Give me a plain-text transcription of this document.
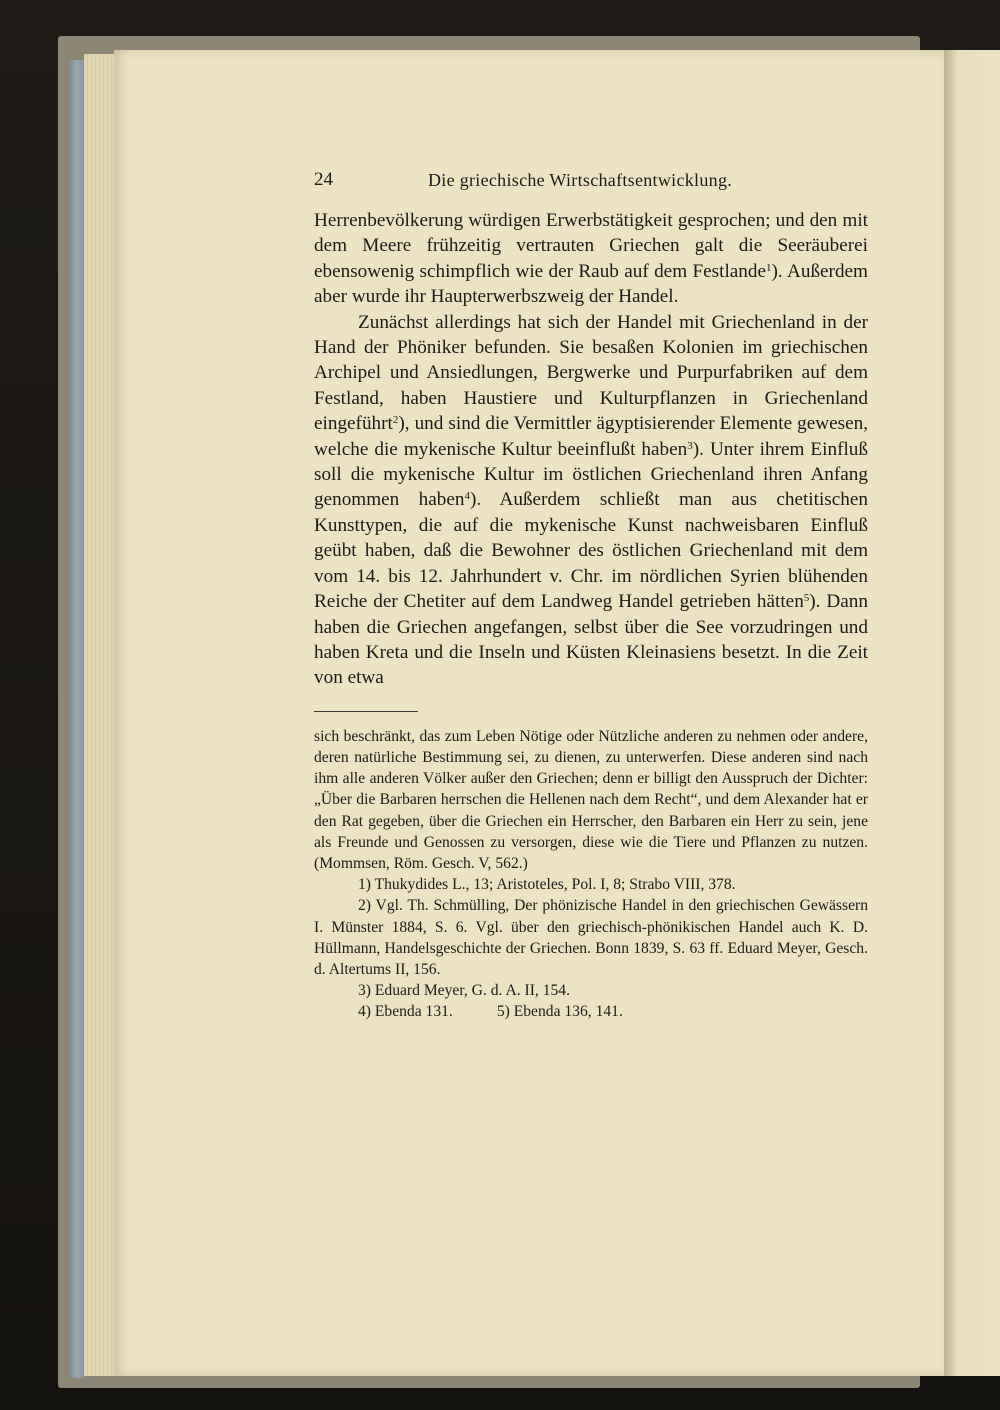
24	Die griechische Wirtschaftsentwicklung.

Herrenbevölkerung würdigen Erwerbstätigkeit gesprochen; und den mit dem Meere frühzeitig vertrauten Griechen galt die Seeräuberei ebensowenig schimpflich wie der Raub auf dem Festlande$^1$). Außerdem aber wurde ihr Haupterwerbszweig der Handel.

Zunächst allerdings hat sich der Handel mit Griechenland in der Hand der Phöniker befunden. Sie besaßen Kolonien im griechischen Archipel und Ansiedlungen, Bergwerke und Purpurfabriken auf dem Festland, haben Haustiere und Kulturpflanzen in Griechenland eingeführt$^2$), und sind die Vermittler ägyptisierender Elemente gewesen, welche die mykenische Kultur beeinflußt haben$^3$). Unter ihrem Einfluß soll die mykenische Kultur im östlichen Griechenland ihren Anfang genommen haben$^4$). Außerdem schließt man aus chetitischen Kunsttypen, die auf die mykenische Kunst nachweisbaren Einfluß geübt haben, daß die Bewohner des östlichen Griechenland mit dem vom 14. bis 12. Jahrhundert v. Chr. im nördlichen Syrien blühenden Reiche der Chetiter auf dem Landweg Handel getrieben hätten$^5$). Dann haben die Griechen angefangen, selbst über die See vorzudringen und haben Kreta und die Inseln und Küsten Kleinasiens besetzt. In die Zeit von etwa

sich beschränkt, das zum Leben Nötige oder Nützliche anderen zu nehmen oder andere, deren natürliche Bestimmung sei, zu dienen, zu unterwerfen. Diese anderen sind nach ihm alle anderen Völker außer den Griechen; denn er billigt den Ausspruch der Dichter: „Über die Barbaren herrschen die Hellenen nach dem Recht“, und dem Alexander hat er den Rat gegeben, über die Griechen ein Herrscher, den Barbaren ein Herr zu sein, jene als Freunde und Genossen zu versorgen, diese wie die Tiere und Pflanzen zu nutzen. (Mommsen, Röm. Gesch. V, 562.)

1) Thukydides L., 13; Aristoteles, Pol. I, 8; Strabo VIII, 378.

2) Vgl. Th. Schmülling, Der phönizische Handel in den griechischen Gewässern I. Münster 1884, S. 6. Vgl. über den griechisch-phönikischen Handel auch K. D. Hüllmann, Handelsgeschichte der Griechen. Bonn 1839, S. 63 ff. Eduard Meyer, Gesch. d. Altertums II, 156.

3) Eduard Meyer, G. d. A. II, 154.

4) Ebenda 131.	5) Ebenda 136, 141.
